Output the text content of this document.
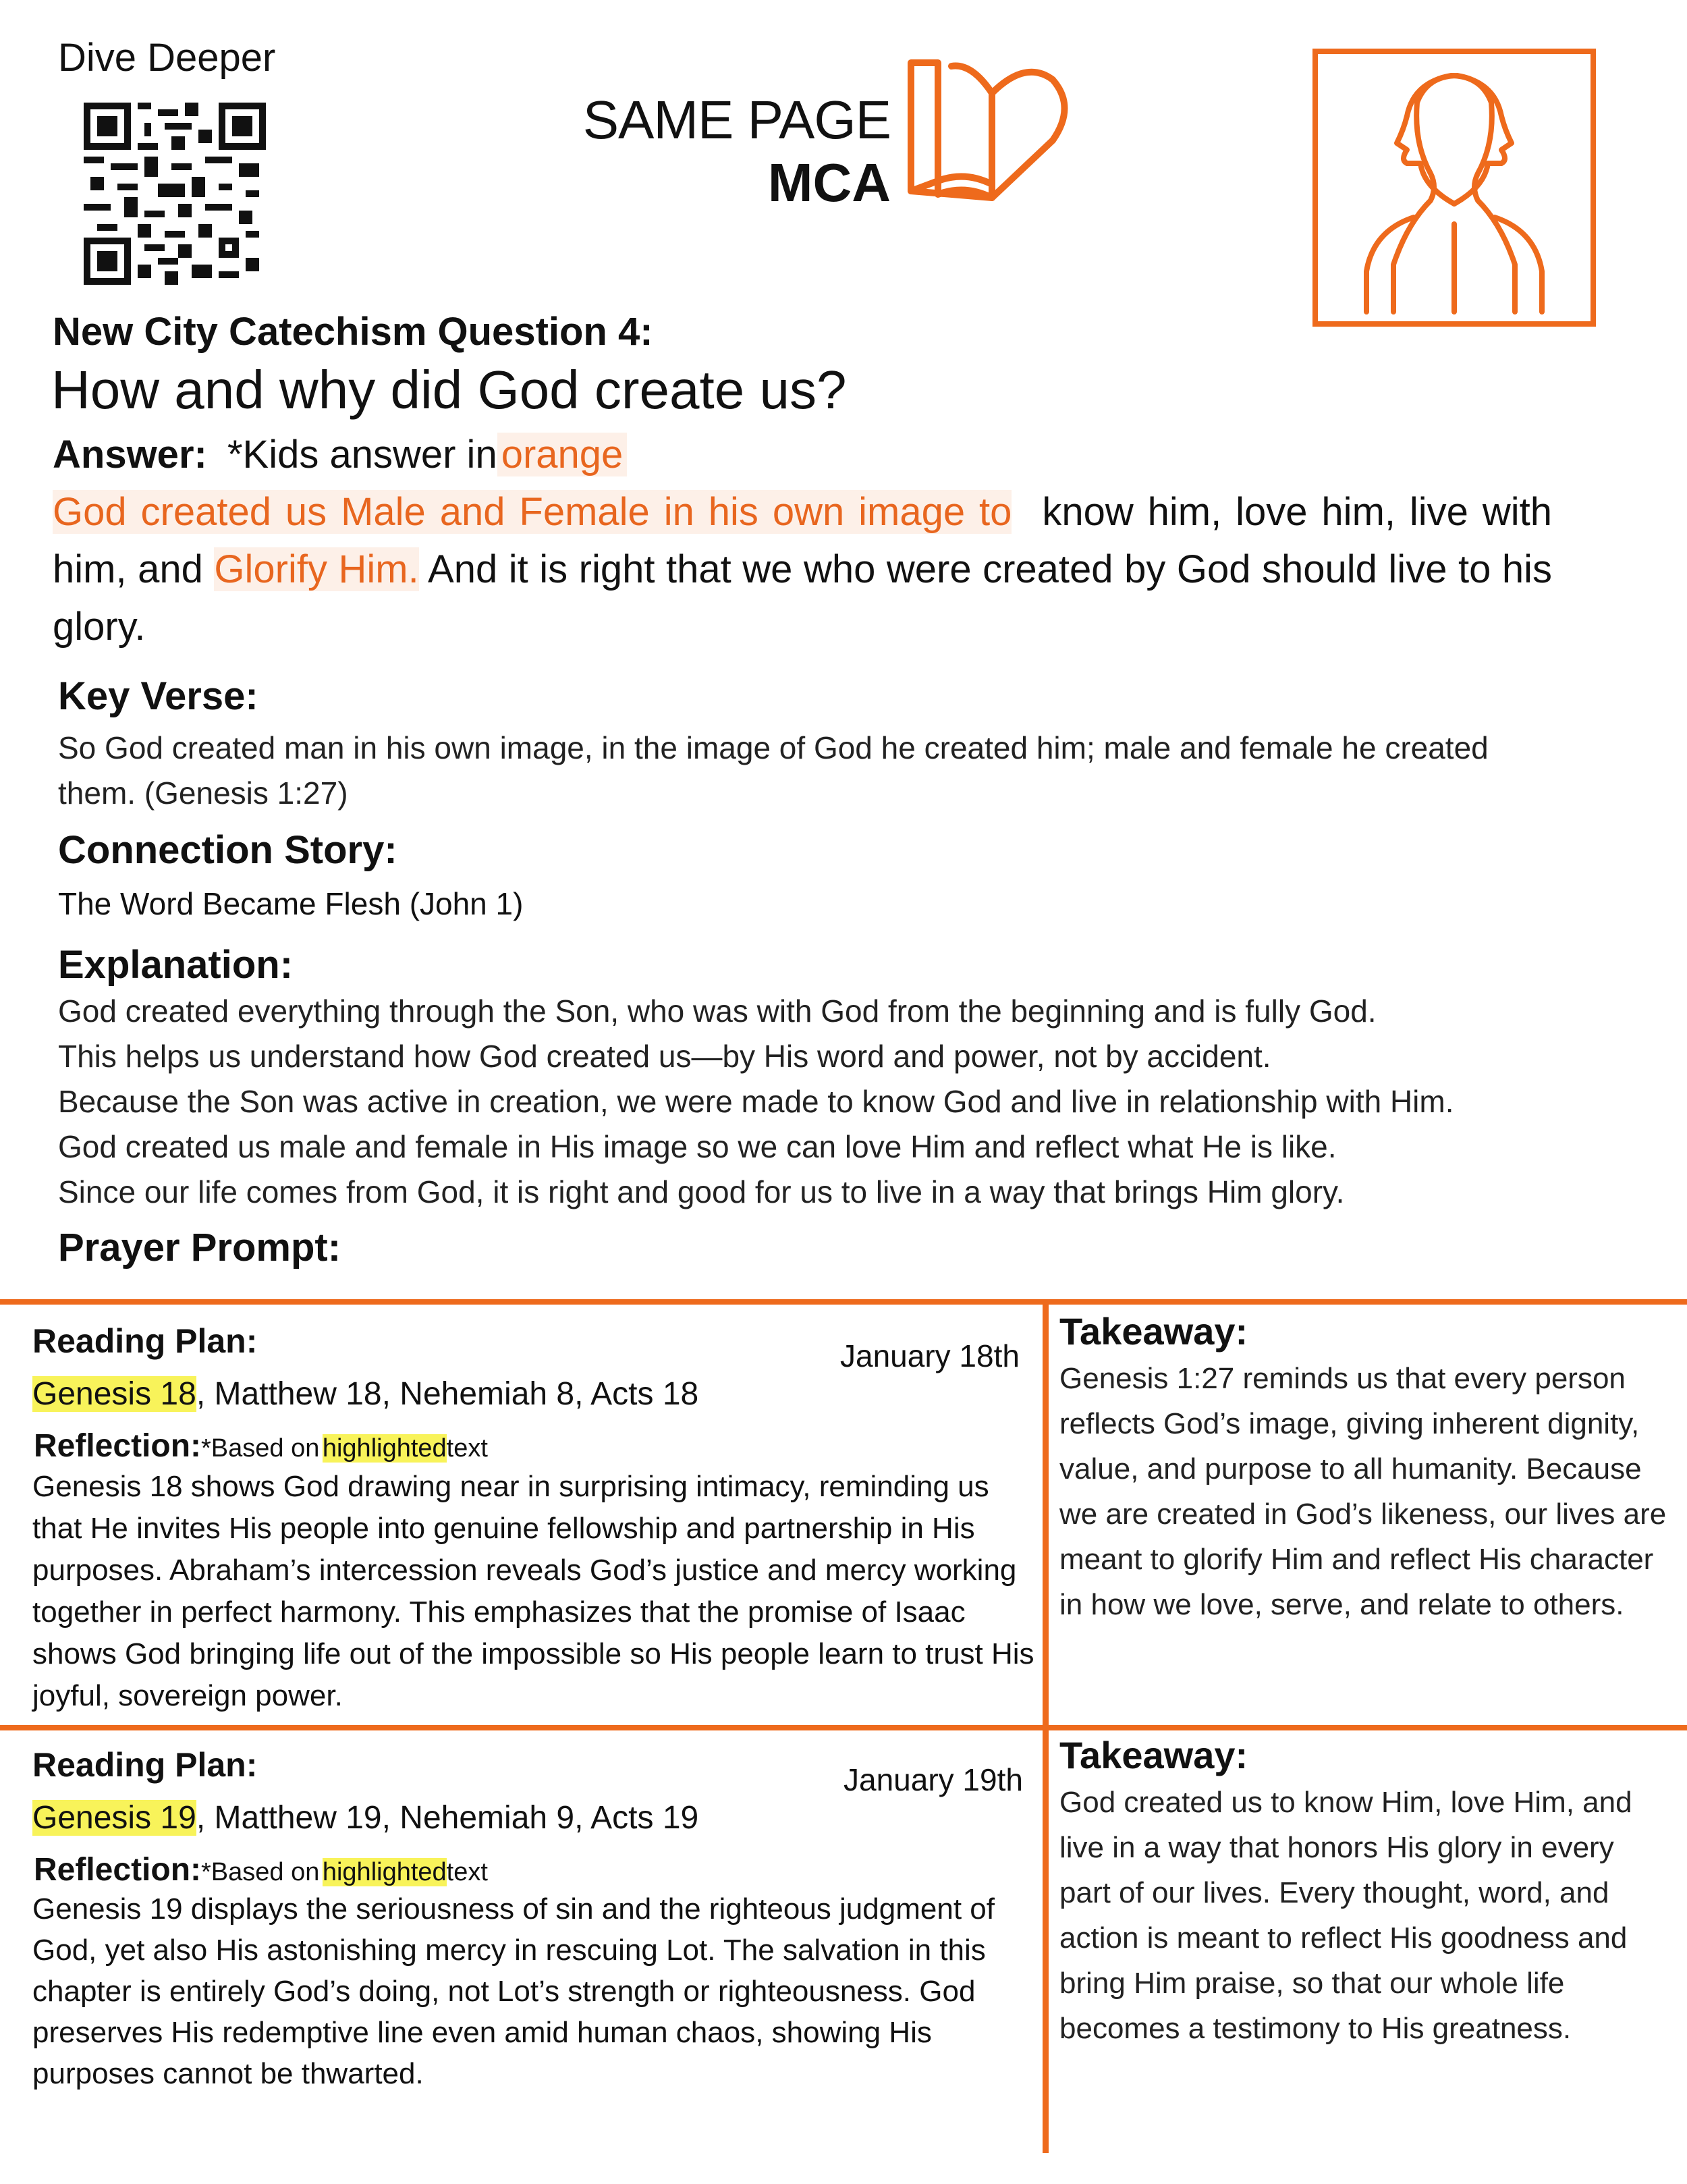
Dive Deeper
SAME PAGE
MCA
New City Catechism Question 4:
How and why did God create us?
Answer: *Kids answer in orange
God created us Male and Female in his own image to know him, love him, live with him, and Glorify Him. And it is right that we who were created by God should live to his glory.
Key Verse:
So God created man in his own image, in the image of God he created him; male and female he created them. (Genesis 1:27)
Connection Story:
The Word Became Flesh (John 1)
Explanation:

God created everything through the Son, who was with God from the beginning and is fully God.

This helps us understand how God created us—by His word and power, not by accident.

Because the Son was active in creation, we were made to know God and live in relationship with Him.

God created us male and female in His image so we can love Him and reflect what He is like.

Since our life comes from God, it is right and good for us to live in a way that brings Him glory.

Prayer Prompt:
Reading Plan:	January 18th
Genesis 18, Matthew 18, Nehemiah 8, Acts 18
Reflection:*Based on highlightedtext
Genesis 18 shows God drawing near in surprising intimacy, reminding us that He invites His people into genuine fellowship and partnership in His purposes. Abraham’s intercession reveals God’s justice and mercy working together in perfect harmony. This emphasizes that the promise of Isaac shows God bringing life out of the impossible so His people learn to trust His joyful, sovereign power.
Takeaway:
Genesis 1:27 reminds us that every person reflects God’s image, giving inherent dignity, value, and purpose to all humanity. Because we are created in God’s likeness, our lives are meant to glorify Him and reflect His character in how we love, serve, and relate to others.
Reading Plan:	January 19th
Genesis 19, Matthew 19, Nehemiah 9, Acts 19
Reflection:*Based on highlightedtext
Genesis 19 displays the seriousness of sin and the righteous judgment of God, yet also His astonishing mercy in rescuing Lot. The salvation in this chapter is entirely God’s doing, not Lot’s strength or righteousness. God preserves His redemptive line even amid human chaos, showing His purposes cannot be thwarted.
Takeaway:
God created us to know Him, love Him, and live in a way that honors His glory in every part of our lives. Every thought, word, and action is meant to reflect His goodness and bring Him praise, so that our whole life becomes a testimony to His greatness.
